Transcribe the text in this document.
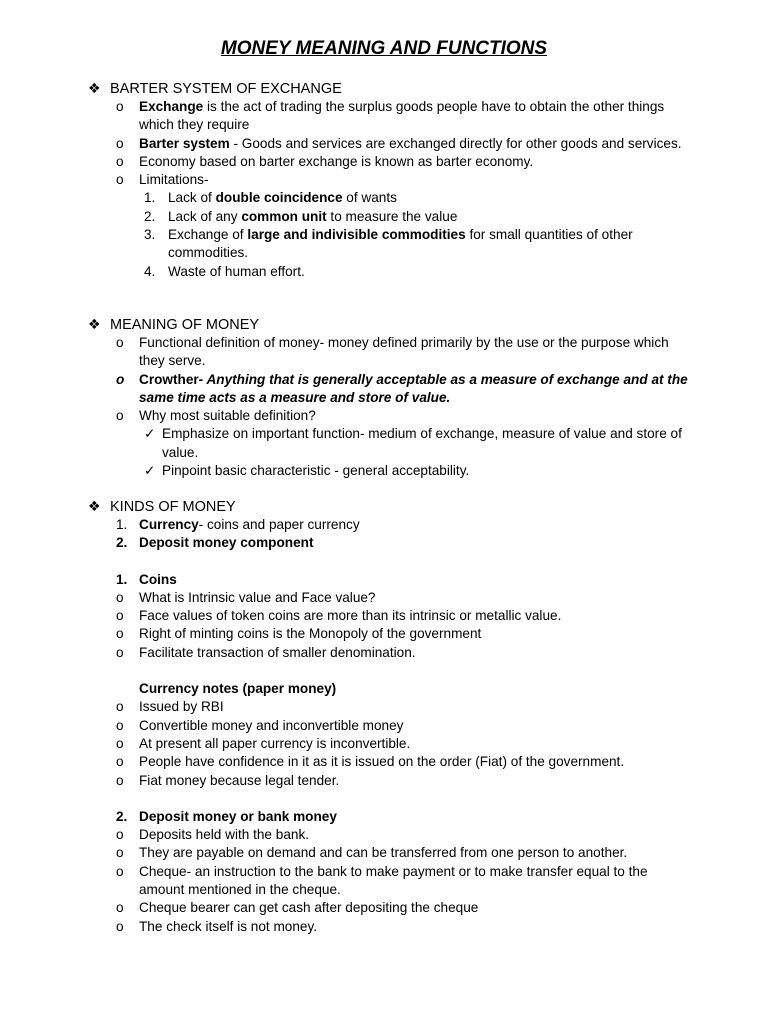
MONEY MEANING AND FUNCTIONS
❖ BARTER SYSTEM OF EXCHANGE
o Exchange is the act of trading the surplus goods people have to obtain the other things which they require
o Barter system - Goods and services are exchanged directly for other goods and services.
o Economy based on barter exchange is known as barter economy.
o Limitations-
1. Lack of double coincidence of wants
2. Lack of any common unit to measure the value
3. Exchange of large and indivisible commodities for small quantities of other commodities.
4. Waste of human effort.
❖ MEANING OF MONEY
o Functional definition of money- money defined primarily by the use or the purpose which they serve.
o Crowther- Anything that is generally acceptable as a measure of exchange and at the same time acts as a measure and store of value.
o Why most suitable definition?
✓ Emphasize on important function- medium of exchange, measure of value and store of value.
✓ Pinpoint basic characteristic - general acceptability.
❖ KINDS OF MONEY
1. Currency- coins and paper currency
2. Deposit money component
1. Coins
o What is Intrinsic value and Face value?
o Face values of token coins are more than its intrinsic or metallic value.
o Right of minting coins is the Monopoly of the government
o Facilitate transaction of smaller denomination.
Currency notes (paper money)
o Issued by RBI
o Convertible money and inconvertible money
o At present all paper currency is inconvertible.
o People have confidence in it as it is issued on the order (Fiat) of the government.
o Fiat money because legal tender.
2. Deposit money or bank money
o Deposits held with the bank.
o They are payable on demand and can be transferred from one person to another.
o Cheque- an instruction to the bank to make payment or to make transfer equal to the amount mentioned in the cheque.
o Cheque bearer can get cash after depositing the cheque
o The check itself is not money.
